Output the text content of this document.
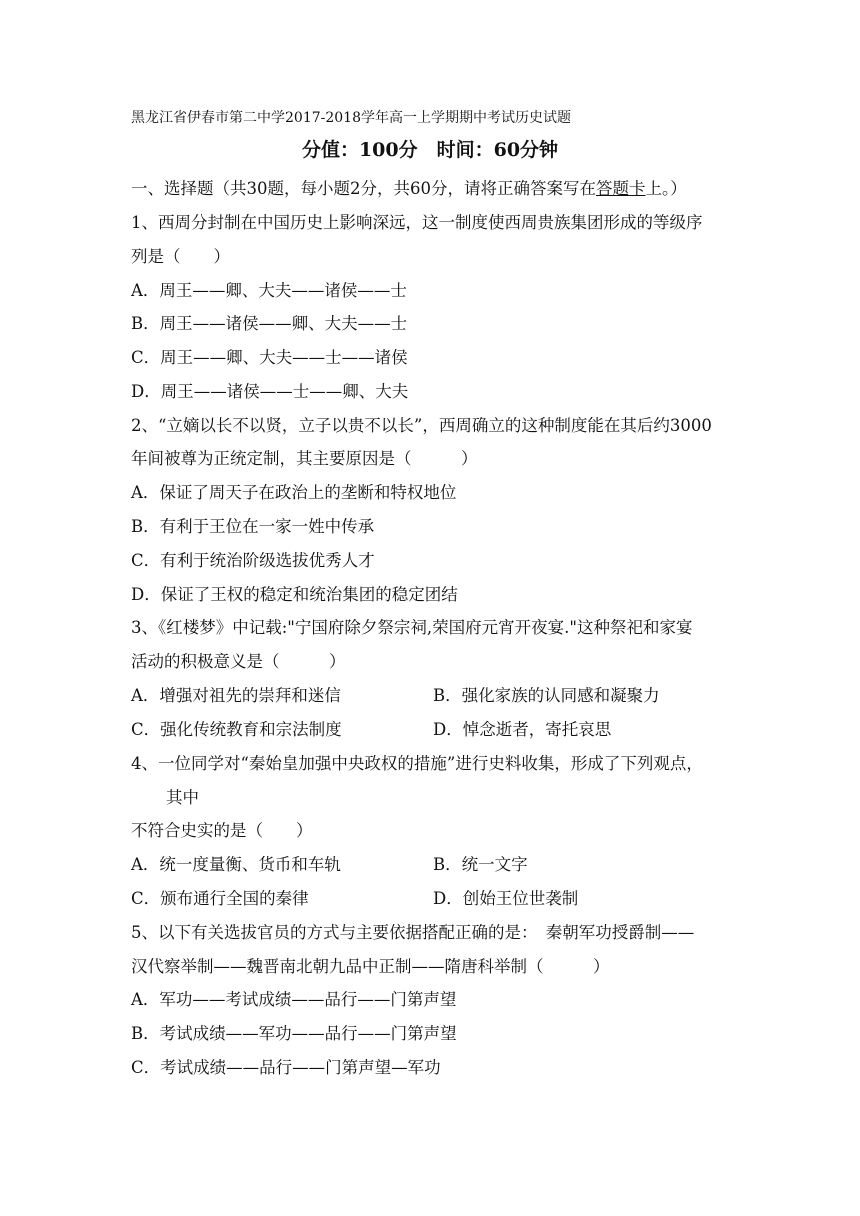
黑龙江省伊春市第二中学2017-2018学年高一上学期期中考试历史试题
分值：100分　时间：60分钟
一、选择题（共30题，每小题2分，共60分，请将正确答案写在答题卡上。）
1、西周分封制在中国历史上影响深远，这一制度使西周贵族集团形成的等级序
列是（　　）
A．周王——卿、大夫——诸侯——士
B．周王——诸侯——卿、大夫——士
C．周王——卿、大夫——士——诸侯
D．周王——诸侯——士——卿、大夫
2、“立嫡以长不以贤，立子以贵不以长”，西周确立的这种制度能在其后约3000
年间被尊为正统定制，其主要原因是（　　　）
A．保证了周天子在政治上的垄断和特权地位
B．有利于王位在一家一姓中传承
C．有利于统治阶级选拔优秀人才
D．保证了王权的稳定和统治集团的稳定团结
3、《红楼梦》中记载:"宁国府除夕祭宗祠,荣国府元宵开夜宴."这种祭祀和家宴
活动的积极意义是（　　　）
A．增强对祖先的崇拜和迷信	B．强化家族的认同感和凝聚力
C．强化传统教育和宗法制度	D．悼念逝者，寄托哀思
4、一位同学对“秦始皇加强中央政权的措施”进行史料收集，形成了下列观点，
其中
不符合史实的是（　　）
A．统一度量衡、货币和车轨	B．统一文字
C．颁布通行全国的秦律	D．创始王位世袭制
5、以下有关选拔官员的方式与主要依据搭配正确的是：　秦朝军功授爵制——
汉代察举制——魏晋南北朝九品中正制——隋唐科举制（　　　）
A．军功——考试成绩——品行——门第声望
B．考试成绩——军功——品行——门第声望
C．考试成绩——品行——门第声望—军功
